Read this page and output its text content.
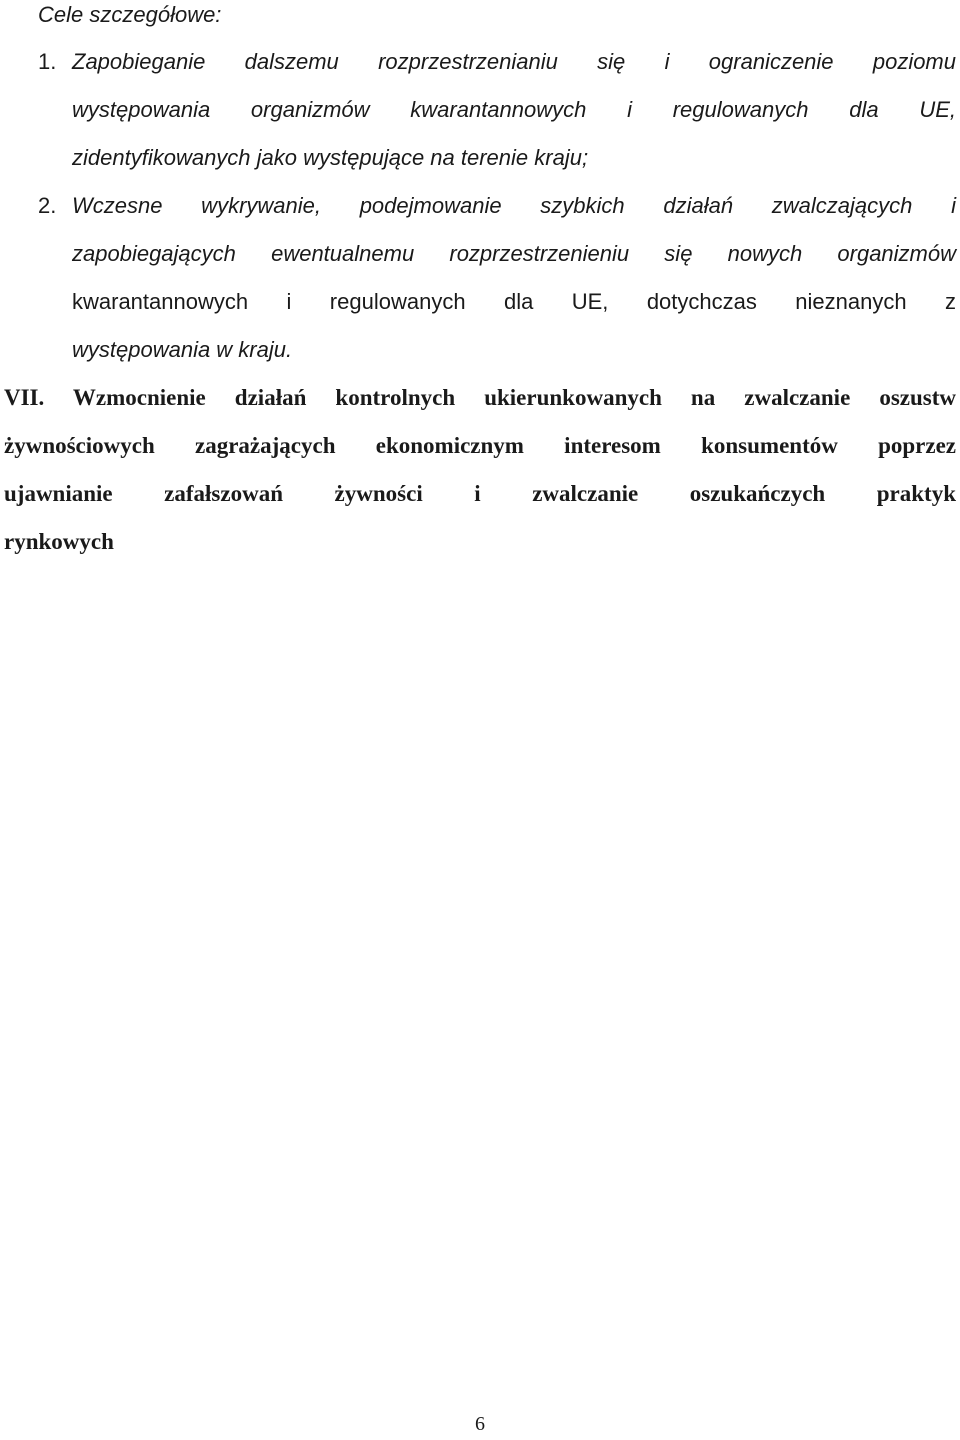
Cele szczegółowe:
1. Zapobieganie dalszemu rozprzestrzenianiu się i ograniczenie poziomu
występowania organizmów kwarantannowych i regulowanych dla UE,
zidentyfikowanych jako występujące na terenie kraju;
2. Wczesne wykrywanie, podejmowanie szybkich działań zwalczających i
zapobiegających ewentualnemu rozprzestrzenieniu się nowych organizmów
kwarantannowych i regulowanych dla UE, dotychczas nieznanych z
występowania w kraju.
VII. Wzmocnienie działań kontrolnych ukierunkowanych na zwalczanie oszustw
żywnościowych zagrażających ekonomicznym interesom konsumentów poprzez
ujawnianie zafałszowań żywności i zwalczanie oszukańczych praktyk
rynkowych
6
